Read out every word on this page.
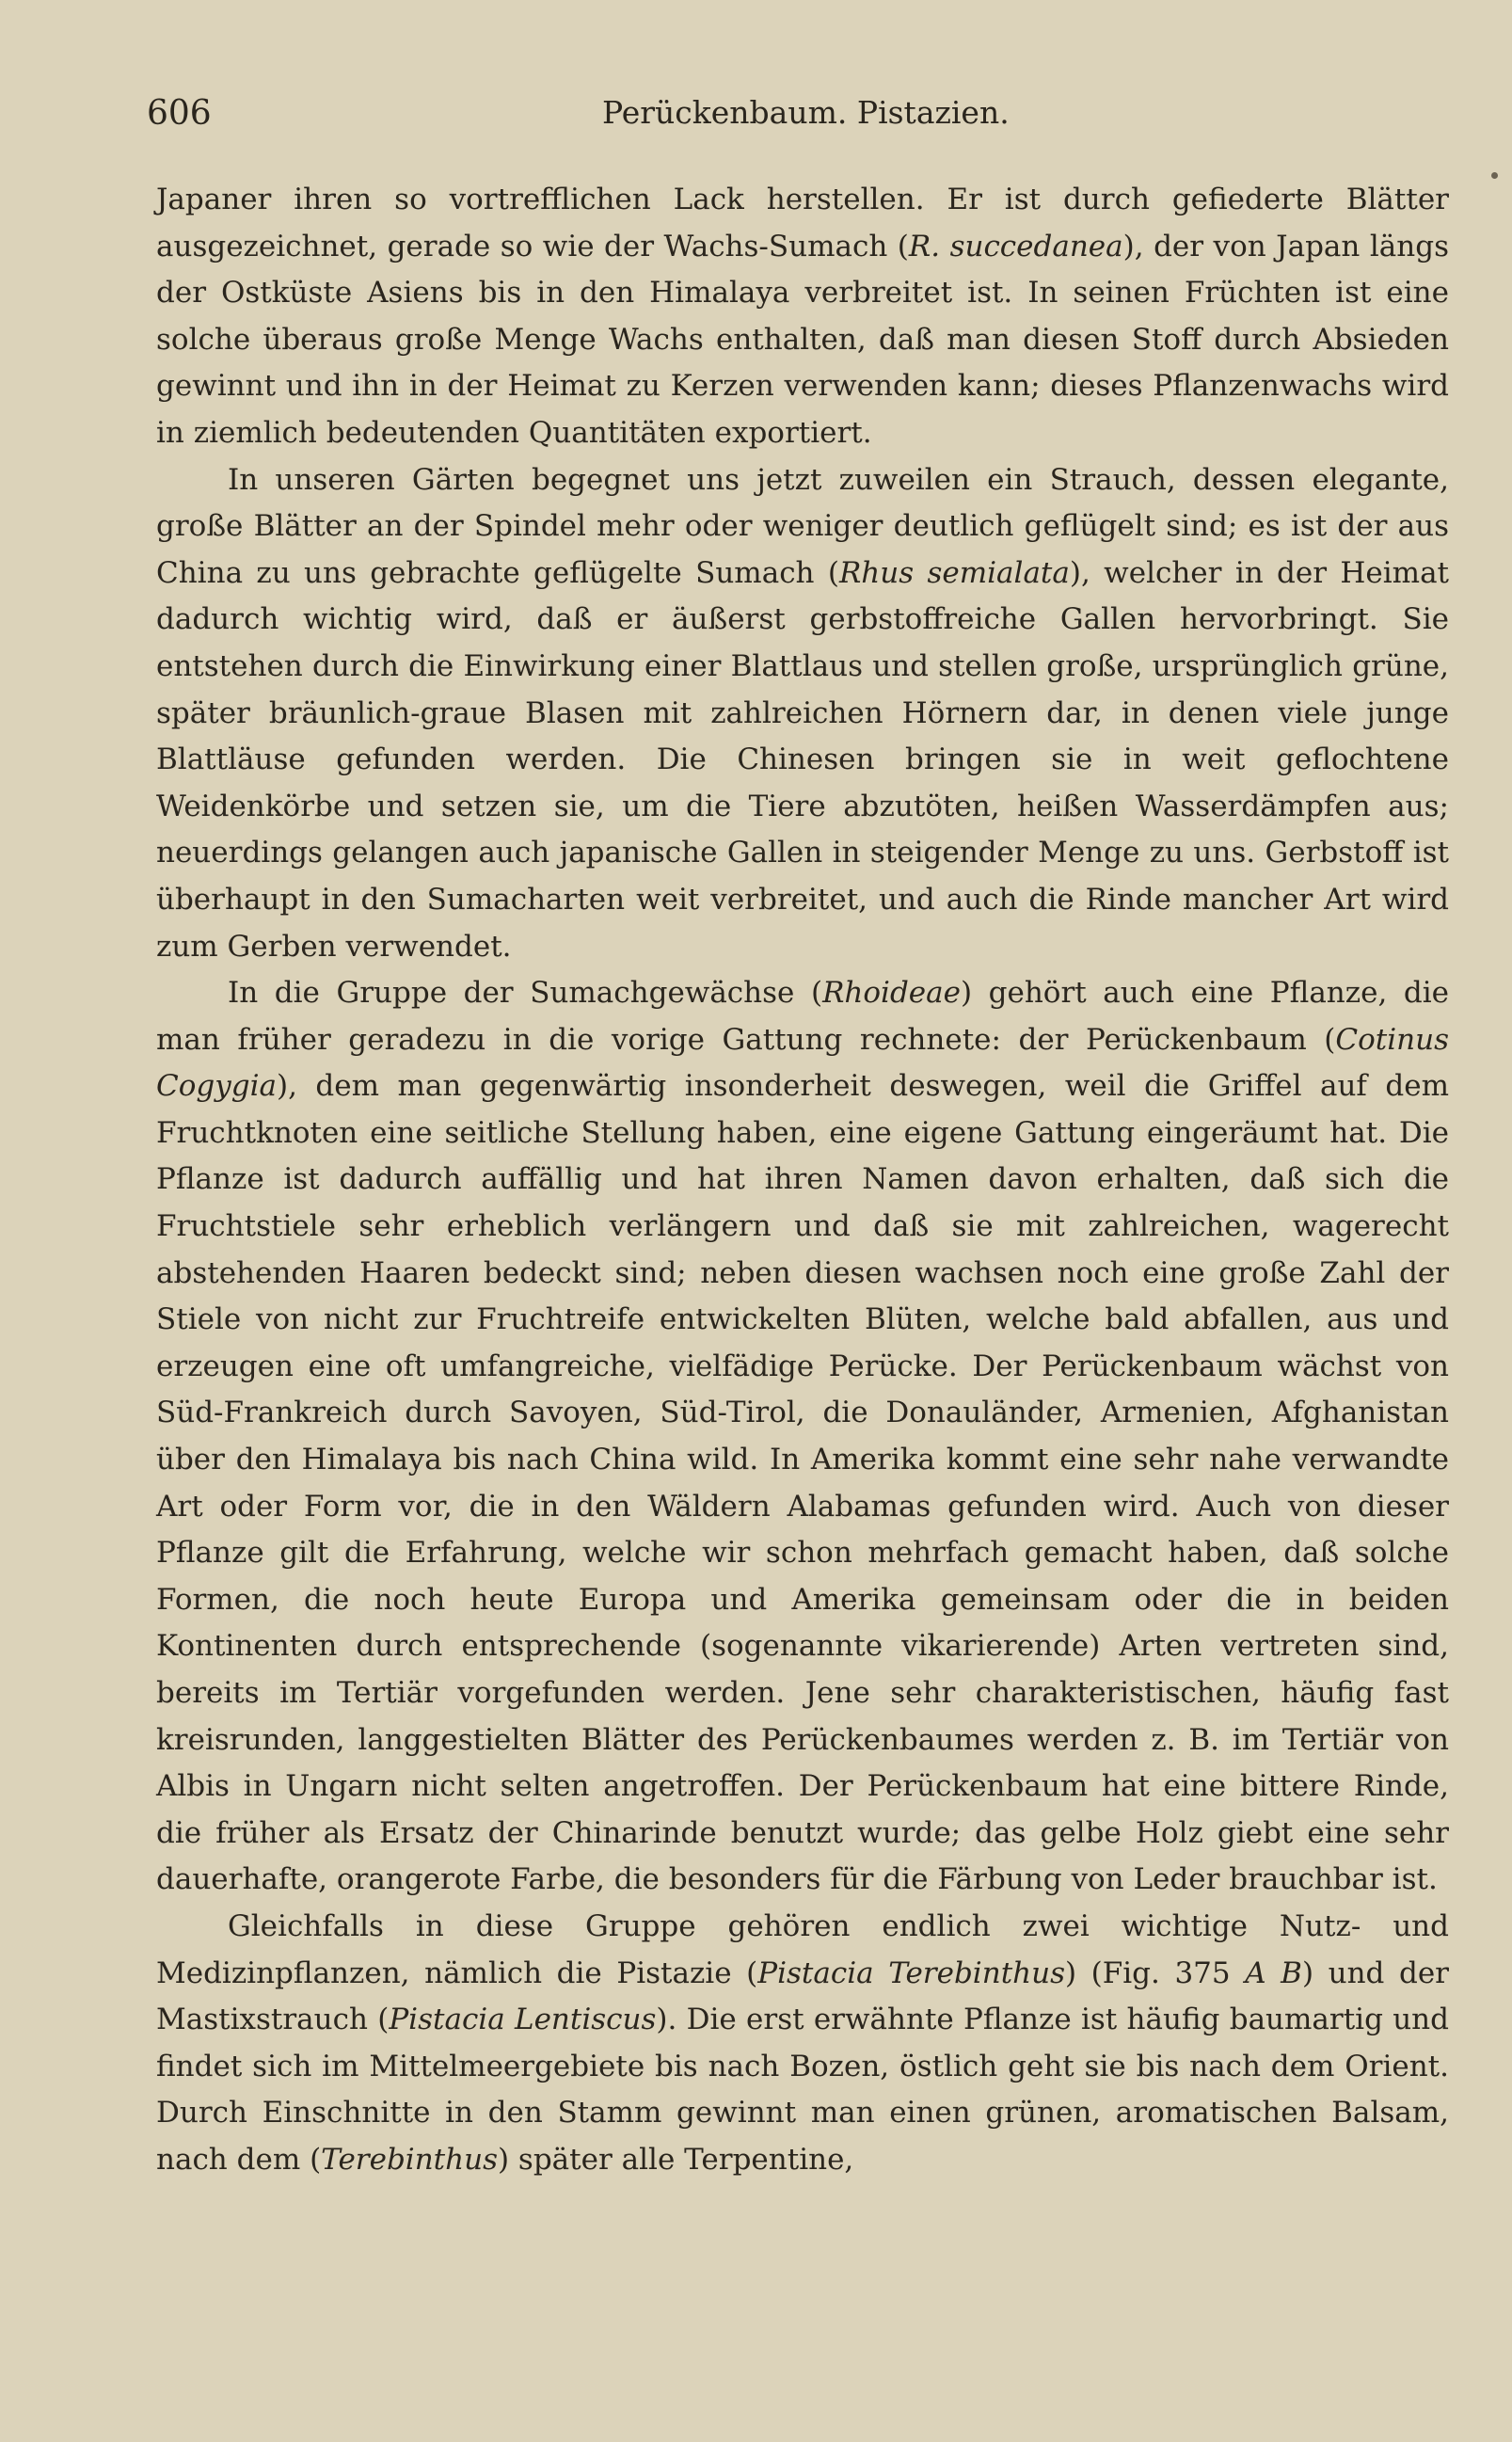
606	Perückenbaum. Pistazien.

Japaner ihren so vortrefflichen Lack herstellen. Er ist durch gefiederte Blätter ausgezeichnet, gerade so wie der Wachs-Sumach (R. succedanea), der von Japan längs der Ostküste Asiens bis in den Himalaya verbreitet ist. In seinen Früchten ist eine solche überaus große Menge Wachs enthalten, daß man diesen Stoff durch Absieden gewinnt und ihn in der Heimat zu Kerzen verwenden kann; dieses Pflanzenwachs wird in ziemlich bedeutenden Quantitäten exportiert.

In unseren Gärten begegnet uns jetzt zuweilen ein Strauch, dessen elegante, große Blätter an der Spindel mehr oder weniger deutlich geflügelt sind; es ist der aus China zu uns gebrachte geflügelte Sumach (Rhus semialata), welcher in der Heimat dadurch wichtig wird, daß er äußerst gerbstoffreiche Gallen hervorbringt. Sie entstehen durch die Einwirkung einer Blattlaus und stellen große, ursprünglich grüne, später bräunlich-graue Blasen mit zahlreichen Hörnern dar, in denen viele junge Blattläuse gefunden werden. Die Chinesen bringen sie in weit geflochtene Weidenkörbe und setzen sie, um die Tiere abzutöten, heißen Wasserdämpfen aus; neuerdings gelangen auch japanische Gallen in steigender Menge zu uns. Gerbstoff ist überhaupt in den Sumacharten weit verbreitet, und auch die Rinde mancher Art wird zum Gerben verwendet.

In die Gruppe der Sumachgewächse (Rhoideae) gehört auch eine Pflanze, die man früher geradezu in die vorige Gattung rechnete: der Perückenbaum (Cotinus Cogygia), dem man gegenwärtig insonderheit deswegen, weil die Griffel auf dem Fruchtknoten eine seitliche Stellung haben, eine eigene Gattung eingeräumt hat. Die Pflanze ist dadurch auffällig und hat ihren Namen davon erhalten, daß sich die Fruchtstiele sehr erheblich verlängern und daß sie mit zahlreichen, wagerecht abstehenden Haaren bedeckt sind; neben diesen wachsen noch eine große Zahl der Stiele von nicht zur Fruchtreife entwickelten Blüten, welche bald abfallen, aus und erzeugen eine oft umfangreiche, vielfädige Perücke. Der Perückenbaum wächst von Süd-Frankreich durch Savoyen, Süd-Tirol, die Donauländer, Armenien, Afghanistan über den Himalaya bis nach China wild. In Amerika kommt eine sehr nahe verwandte Art oder Form vor, die in den Wäldern Alabamas gefunden wird. Auch von dieser Pflanze gilt die Erfahrung, welche wir schon mehrfach gemacht haben, daß solche Formen, die noch heute Europa und Amerika gemeinsam oder die in beiden Kontinenten durch entsprechende (sogenannte vikarierende) Arten vertreten sind, bereits im Tertiär vorgefunden werden. Jene sehr charakteristischen, häufig fast kreisrunden, langgestielten Blätter des Perückenbaumes werden z. B. im Tertiär von Albis in Ungarn nicht selten angetroffen. Der Perückenbaum hat eine bittere Rinde, die früher als Ersatz der Chinarinde benutzt wurde; das gelbe Holz giebt eine sehr dauerhafte, orangerote Farbe, die besonders für die Färbung von Leder brauchbar ist.

Gleichfalls in diese Gruppe gehören endlich zwei wichtige Nutz- und Medizinpflanzen, nämlich die Pistazie (Pistacia Terebinthus) (Fig. 375 A B) und der Mastixstrauch (Pistacia Lentiscus). Die erst erwähnte Pflanze ist häufig baumartig und findet sich im Mittelmeergebiete bis nach Bozen, östlich geht sie bis nach dem Orient. Durch Einschnitte in den Stamm gewinnt man einen grünen, aromatischen Balsam, nach dem (Terebinthus) später alle Terpentine,
